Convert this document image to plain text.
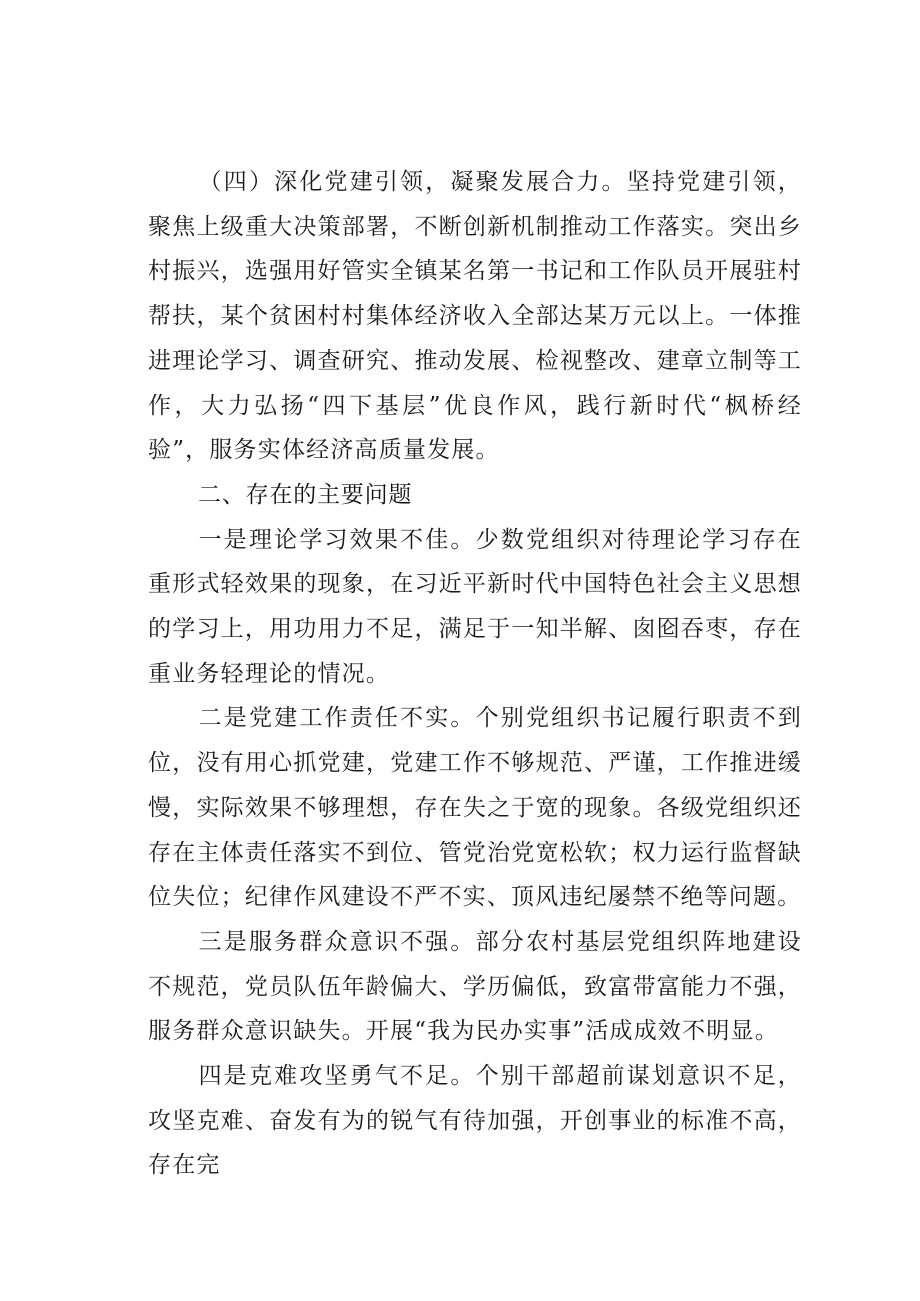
（四）深化党建引领，凝聚发展合力。坚持党建引领，聚焦上级重大决策部署，不断创新机制推动工作落实。突出乡村振兴，选强用好管实全镇某名第一书记和工作队员开展驻村帮扶，某个贫困村村集体经济收入全部达某万元以上。一体推进理论学习、调查研究、推动发展、检视整改、建章立制等工作，大力弘扬“四下基层”优良作风，践行新时代“枫桥经验”，服务实体经济高质量发展。

二、存在的主要问题

一是理论学习效果不佳。少数党组织对待理论学习存在重形式轻效果的现象，在习近平新时代中国特色社会主义思想的学习上，用功用力不足，满足于一知半解、囱囵吞枣，存在重业务轻理论的情况。

二是党建工作责任不实。个别党组织书记履行职责不到位，没有用心抓党建，党建工作不够规范、严谨，工作推进缓慢，实际效果不够理想，存在失之于宽的现象。各级党组织还存在主体责任落实不到位、管党治党宽松软；权力运行监督缺位失位；纪律作风建设不严不实、顶风违纪屡禁不绝等问题。

三是服务群众意识不强。部分农村基层党组织阵地建设不规范，党员队伍年龄偏大、学历偏低，致富带富能力不强，服务群众意识缺失。开展“我为民办实事”活成成效不明显。

四是克难攻坚勇气不足。个别干部超前谋划意识不足，攻坚克难、奋发有为的锐气有待加强，开创事业的标准不高，存在完
